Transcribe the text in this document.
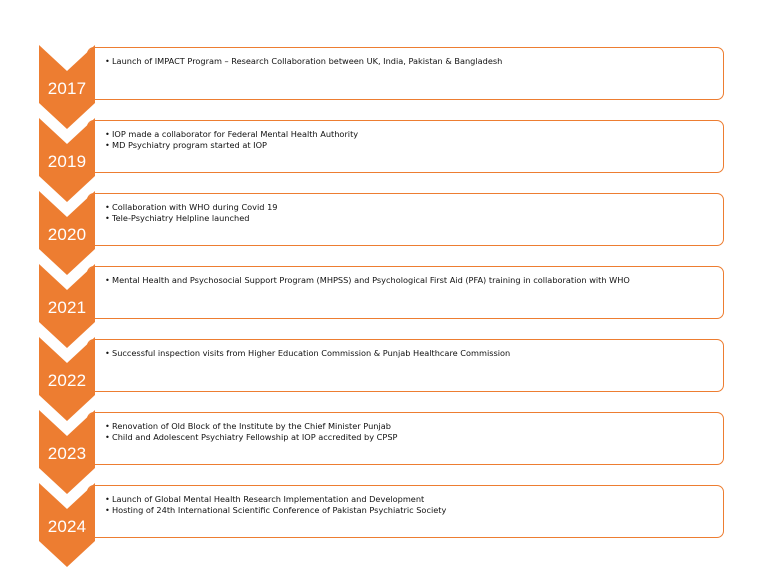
2017
• Launch of IMPACT Program – Research Collaboration between UK, India, Pakistan & Bangladesh
2019
• IOP made a collaborator for Federal Mental Health Authority
• MD Psychiatry program started at IOP
2020
• Collaboration with WHO during Covid 19
• Tele-Psychiatry Helpline launched
2021
• Mental Health and Psychosocial Support Program (MHPSS) and Psychological First Aid (PFA) training in collaboration with WHO
2022
• Successful inspection visits from Higher Education Commission & Punjab Healthcare Commission
2023
• Renovation of Old Block of the Institute by the Chief Minister Punjab
• Child and Adolescent Psychiatry Fellowship at IOP accredited by CPSP
2024
• Launch of Global Mental Health Research Implementation and Development
• Hosting of 24th International Scientific Conference of Pakistan Psychiatric Society
